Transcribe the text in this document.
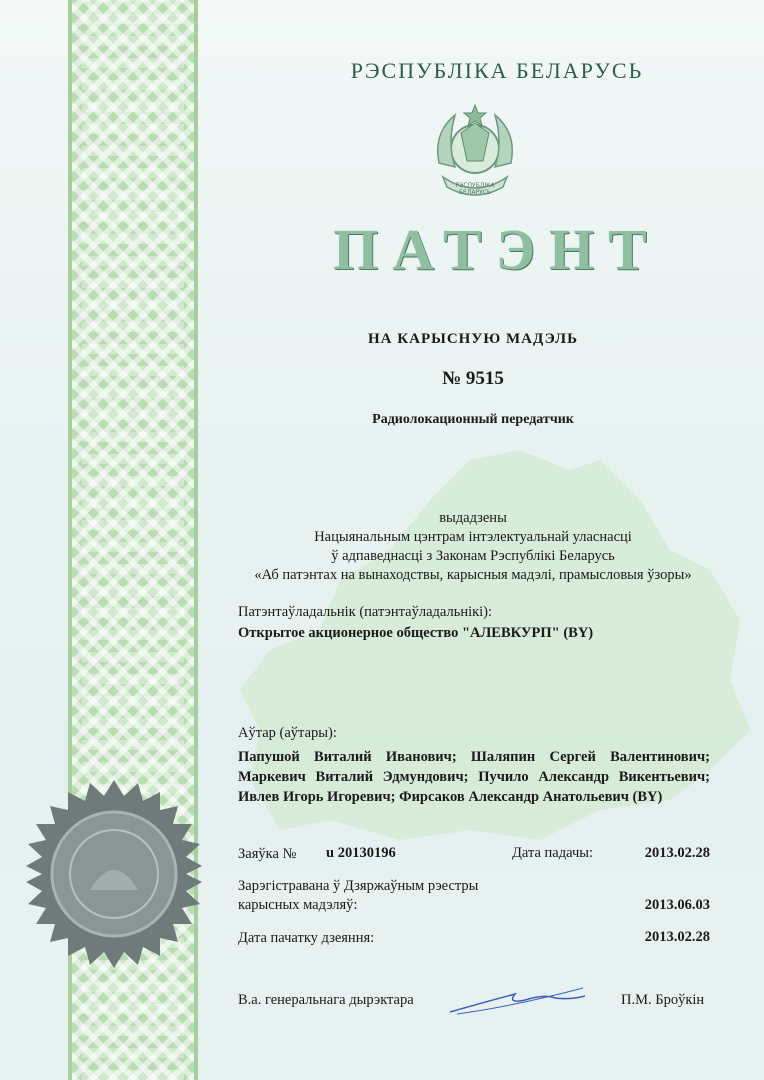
РЭСПУБЛІКА БЕЛАРУСЬ
РЭСПУБЛІКА
БЕЛАРУСЬ
ПАТЭНТ
НА КАРЫСНУЮ МАДЭЛЬ
№ 9515
Радиолокационный передатчик
выдадзены
Нацыянальным цэнтрам інтэлектуальнай уласнасці
ў адпаведнасці з Законам Рэспублікі Беларусь
«Аб патэнтах на вынаходствы, карысныя мадэлі, прамысловыя ўзоры»
Патэнтаўладальнік (патэнтаўладальнікі):
Открытое акционерное общество "АЛЕВКУРП" (BY)
Аўтар (аўтары):
Папушой Виталий Иванович; Шаляпин Сергей Валентинович;
Маркевич Виталий Эдмундович; Пучило Александр Викентьевич;
Ивлев Игорь Игоревич; Фирсаков Александр Анатольевич (BY)
Заяўка № u 20130196	Дата падачы:	2013.02.28
Зарэгістравана ў Дзяржаўным рэестры
карысных мадэляў:	2013.06.03
Дата пачатку дзеяння:	2013.02.28
В.а. генеральнага дырэктара	П.М. Броўкін
